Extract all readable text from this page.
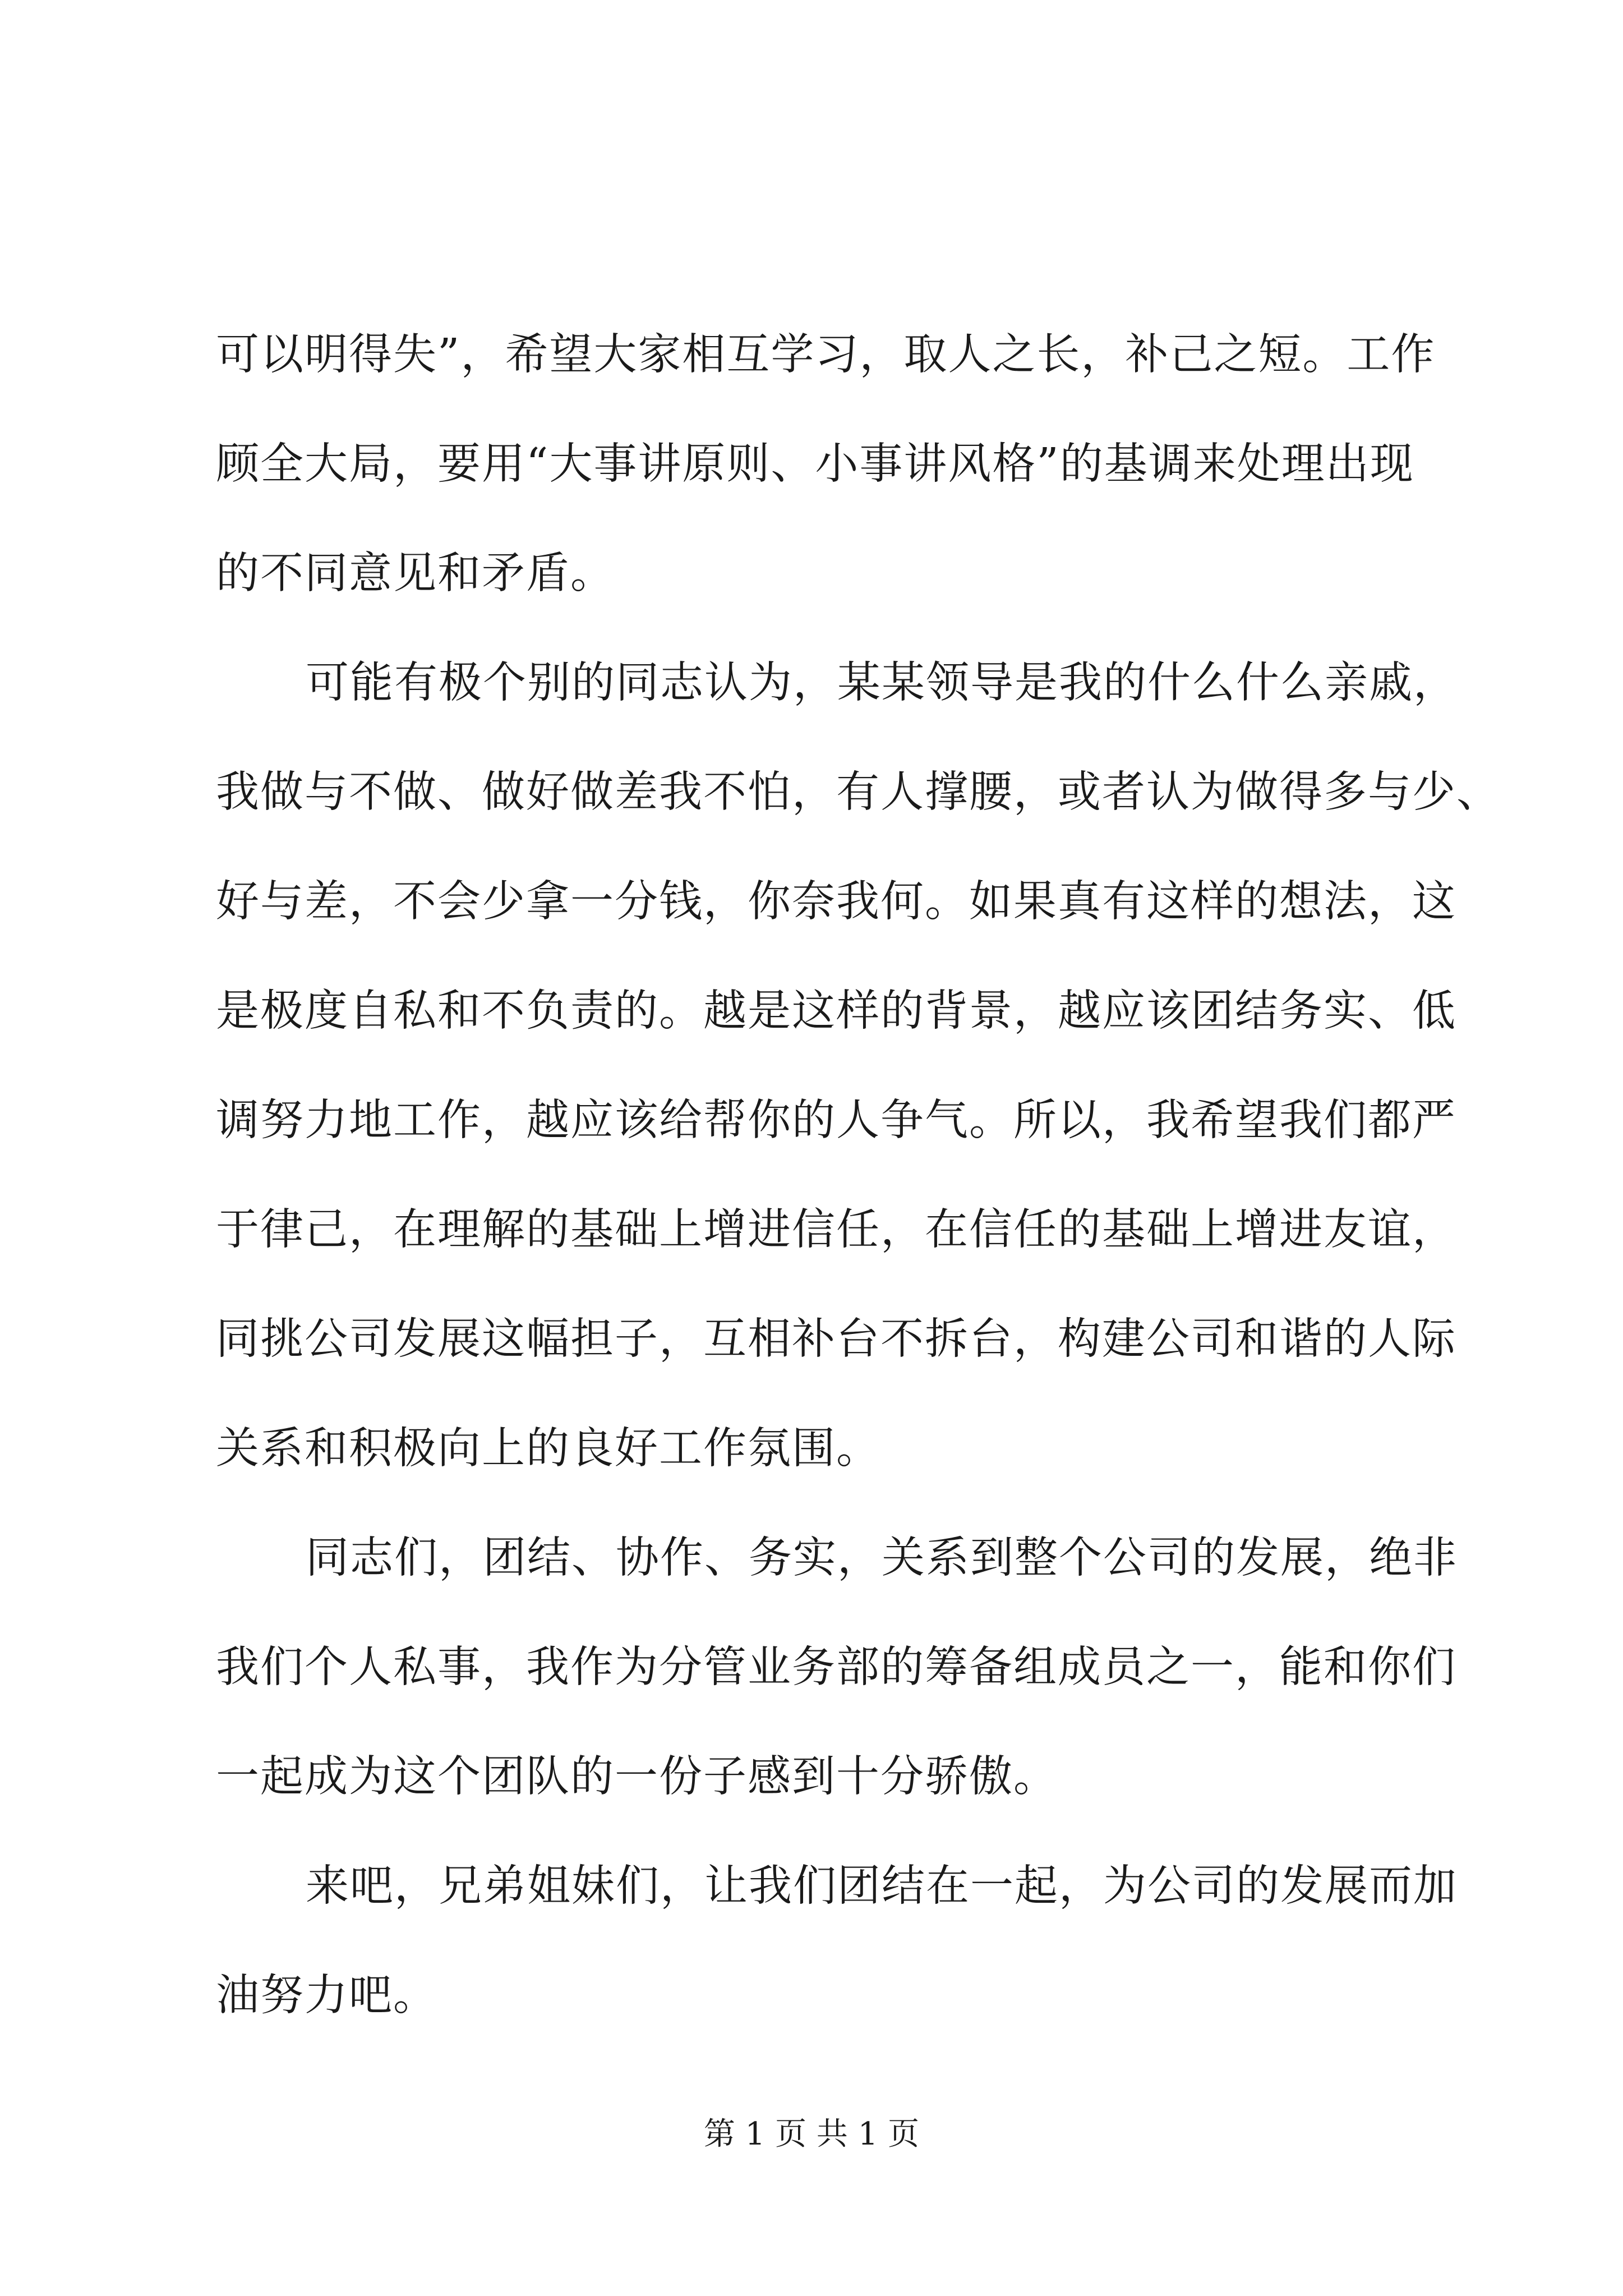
可以明得失”，希望大家相互学习，取人之长，补己之短。工作
顾全大局，要用“大事讲原则、小事讲风格”的基调来处理出现
的不同意见和矛盾。
可能有极个别的同志认为，某某领导是我的什么什么亲戚，
我做与不做、做好做差我不怕，有人撑腰，或者认为做得多与少、
好与差，不会少拿一分钱，你奈我何。如果真有这样的想法，这
是极度自私和不负责的。越是这样的背景，越应该团结务实、低
调努力地工作，越应该给帮你的人争气。所以，我希望我们都严
于律己，在理解的基础上增进信任，在信任的基础上增进友谊，
同挑公司发展这幅担子，互相补台不拆台，构建公司和谐的人际
关系和积极向上的良好工作氛围。
同志们，团结、协作、务实，关系到整个公司的发展，绝非
我们个人私事，我作为分管业务部的筹备组成员之一，能和你们
一起成为这个团队的一份子感到十分骄傲。
来吧，兄弟姐妹们，让我们团结在一起，为公司的发展而加
油努力吧。
第 1 页 共 1 页
